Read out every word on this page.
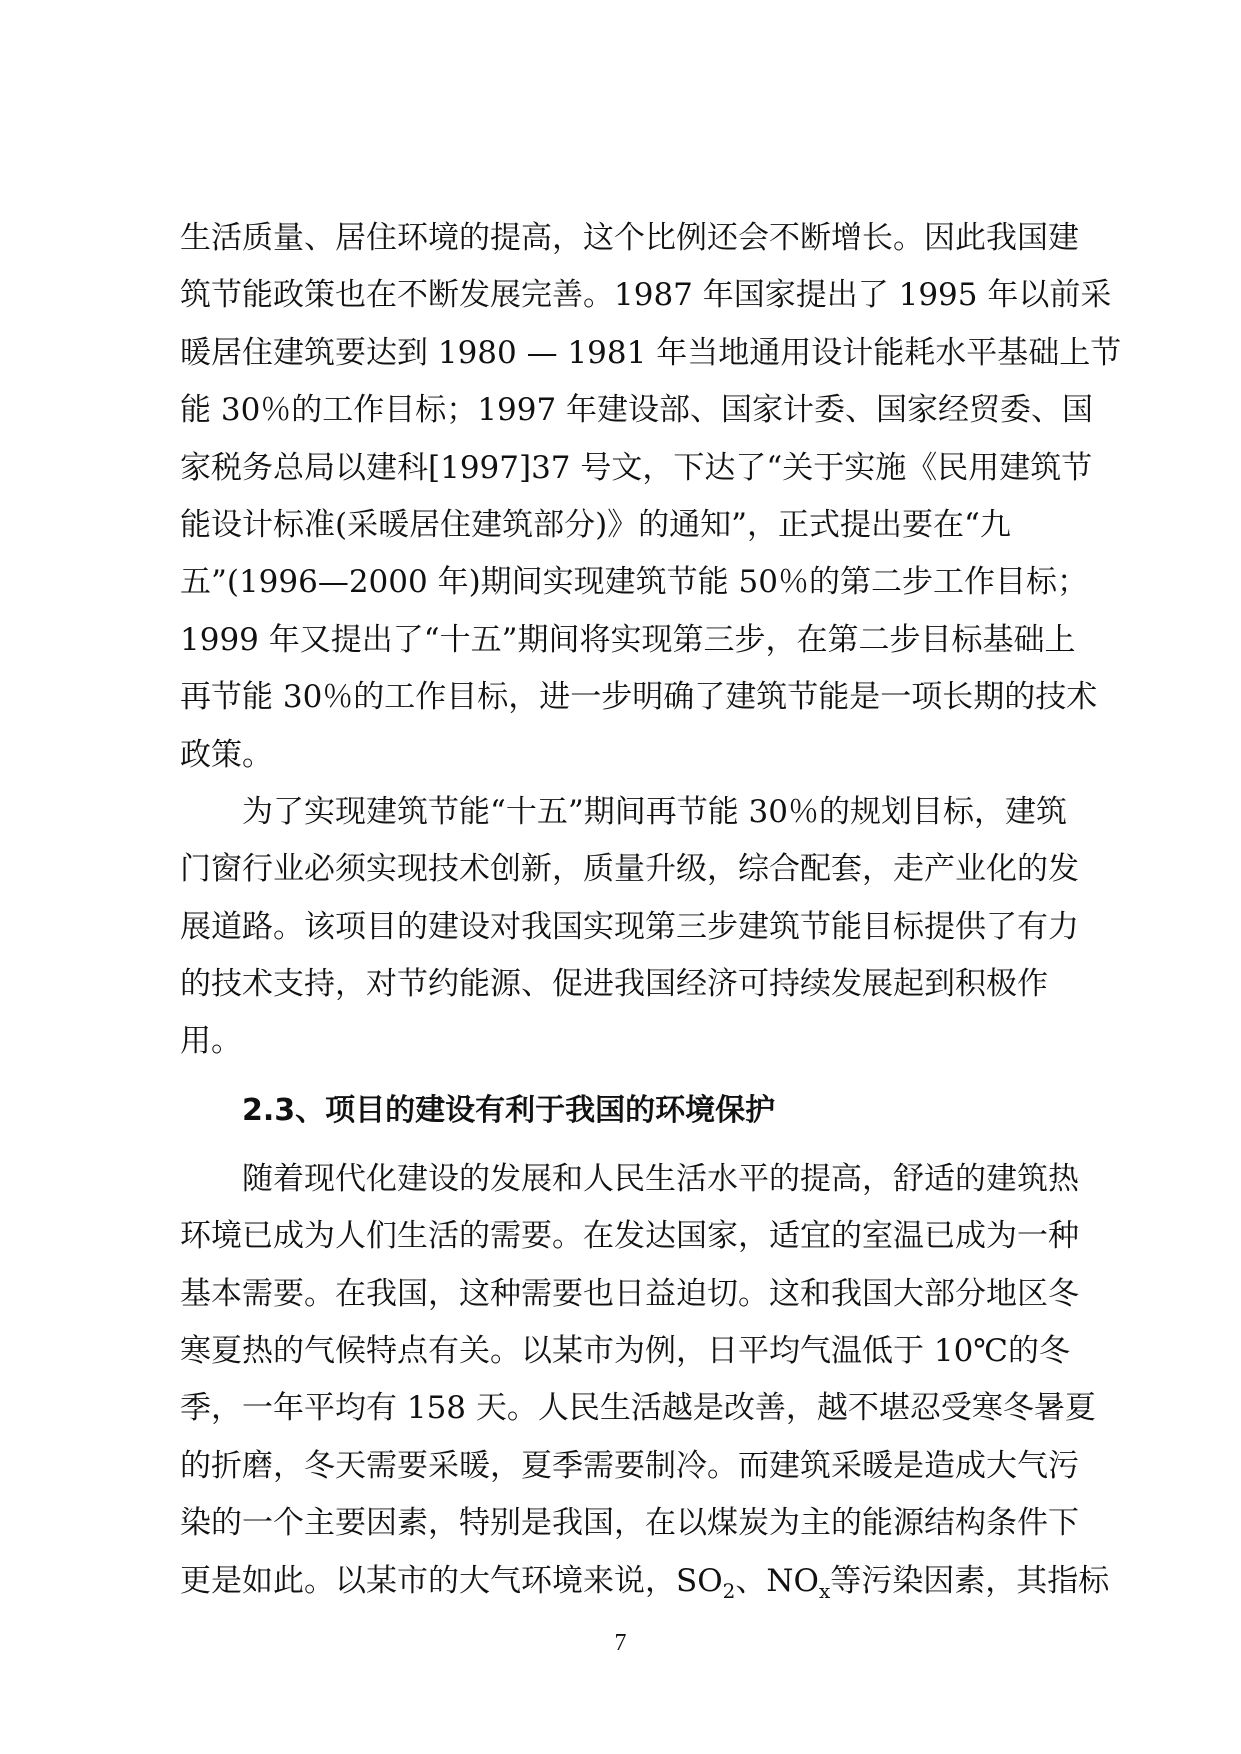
生活质量、居住环境的提高，这个比例还会不断增长。因此我国建
筑节能政策也在不断发展完善。1987 年国家提出了 1995 年以前采
暖居住建筑要达到 1980 — 1981 年当地通用设计能耗水平基础上节
能 30％的工作目标；1997 年建设部、国家计委、国家经贸委、国
家税务总局以建科[1997]37 号文，下达了“关于实施《民用建筑节
能设计标准(采暖居住建筑部分)》的通知”，正式提出要在“九
五”(1996—2000 年)期间实现建筑节能 50％的第二步工作目标；
1999 年又提出了“十五”期间将实现第三步，在第二步目标基础上
再节能 30％的工作目标，进一步明确了建筑节能是一项长期的技术
政策。
为了实现建筑节能“十五”期间再节能 30％的规划目标，建筑
门窗行业必须实现技术创新，质量升级，综合配套，走产业化的发
展道路。该项目的建设对我国实现第三步建筑节能目标提供了有力
的技术支持，对节约能源、促进我国经济可持续发展起到积极作
用。
2.3、项目的建设有利于我国的环境保护
随着现代化建设的发展和人民生活水平的提高，舒适的建筑热
环境已成为人们生活的需要。在发达国家，适宜的室温已成为一种
基本需要。在我国，这种需要也日益迫切。这和我国大部分地区冬
寒夏热的气候特点有关。以某市为例，日平均气温低于 10℃的冬
季，一年平均有 158 天。人民生活越是改善，越不堪忍受寒冬暑夏
的折磨，冬天需要采暖，夏季需要制冷。而建筑采暖是造成大气污
染的一个主要因素，特别是我国，在以煤炭为主的能源结构条件下
更是如此。以某市的大气环境来说，$SO_2$、$NO_x$等污染因素，其指标
7
